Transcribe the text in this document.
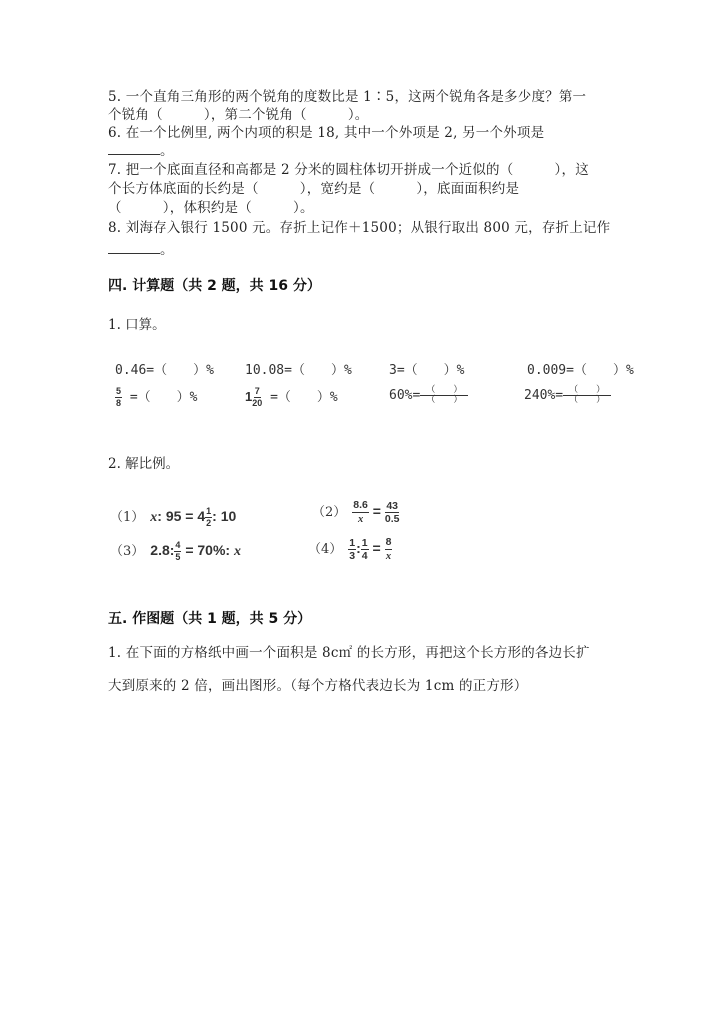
5. 一个直角三角形的两个锐角的度数比是 1∶5，这两个锐角各是多少度？第一
个锐角（　　　），第二个锐角（　　　）。
6. 在一个比例里, 两个内项的积是 18, 其中一个外项是 2, 另一个外项是
。
7. 把一个底面直径和高都是 2 分米的圆柱体切开拼成一个近似的（　　　），这
个长方体底面的长约是（　　　），宽约是（　　　），底面面积约是
（　　　），体积约是（　　　）。
8. 刘海存入银行 1500 元。存折上记作＋1500；从银行取出 800 元，存折上记作
。
四. 计算题（共 2 题，共 16 分）
1. 口算。
0.46=（　　）% 10.08=（　　）%	3=（　　）%	0.009=（　　）%
$\frac{5}{8}$ =（　　）%	$1 \frac{7}{20}$ =（　　）%	$60\%= \frac{( )}{( )}$	$240\%= \frac{( )}{( )}$
2. 解比例。
（1） x: $95 = 4 \frac{1}{2}$ : 10	$(2) \frac{8.6}{x} = \frac{43}{0.5}$
（3） 2.8: $\frac{4}{5} = 70\%$: x	$(4) \frac{1}{3}$ : $\frac{1}{4} = \frac{8}{x}$
五. 作图题（共 1 题，共 5 分）
1. 在下面的方格纸中画一个面积是 8c㎡ 的长方形，再把这个长方形的各边长扩
大到原来的 2 倍，画出图形。（每个方格代表边长为 1cm 的正方形）
